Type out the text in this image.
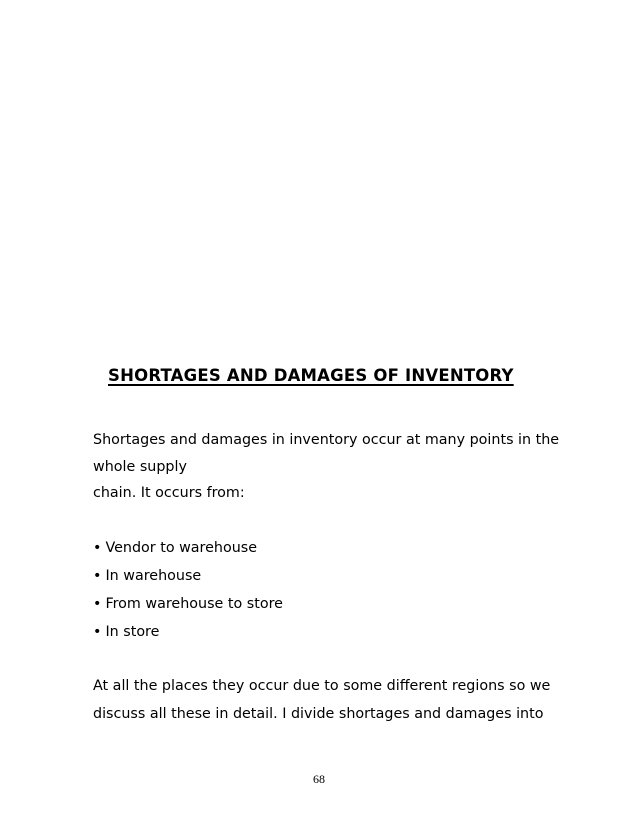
SHORTAGES AND DAMAGES OF INVENTORY

Shortages and damages in inventory occur at many points in the

whole supply

chain. It occurs from:

• Vendor to warehouse
• In warehouse
• From warehouse to store
• In store

At all the places they occur due to some different regions so we

discuss all these in detail. I divide shortages and damages into

68
